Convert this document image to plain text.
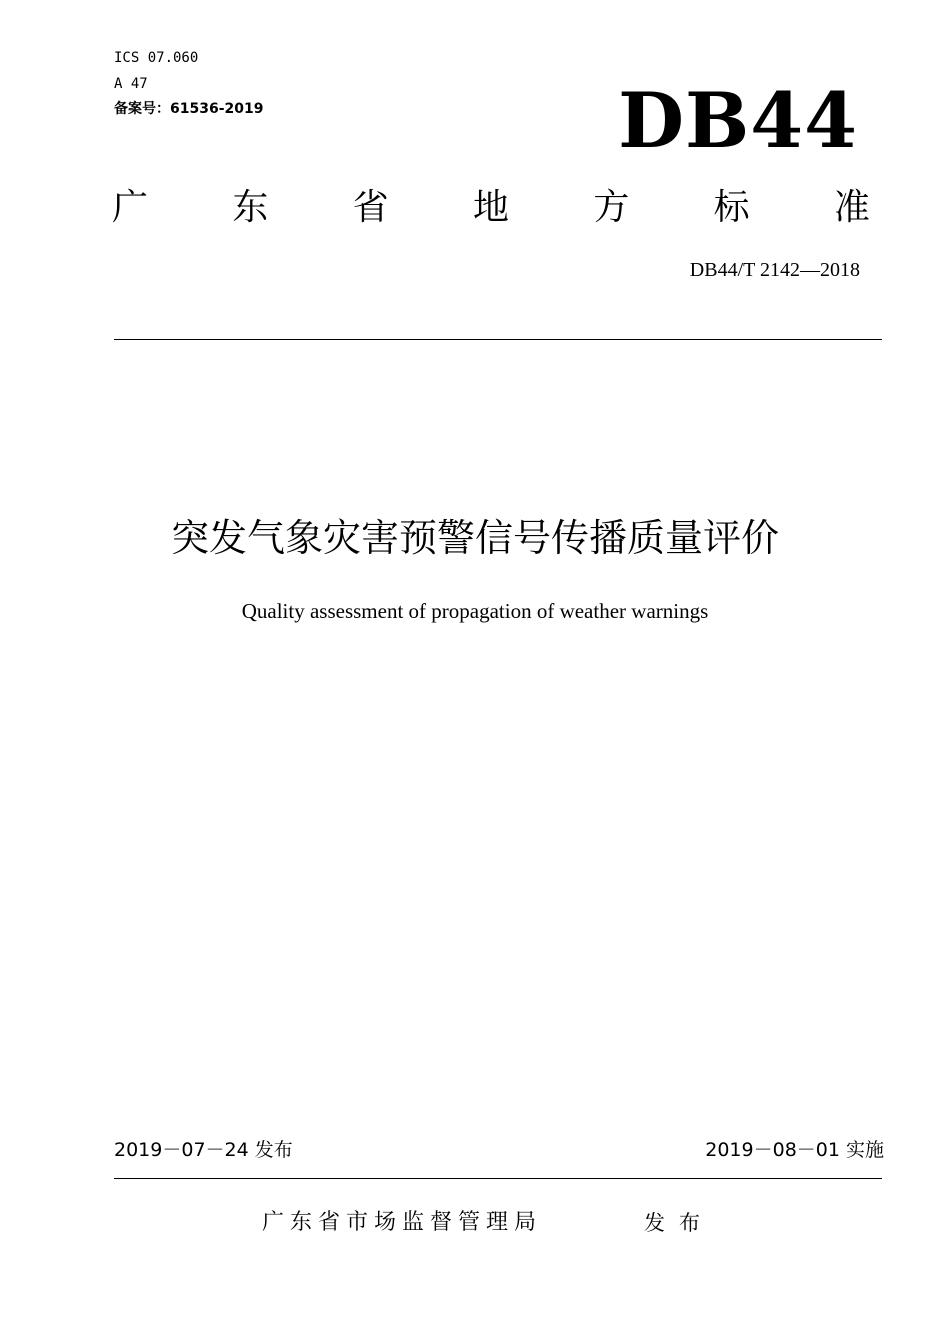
ICS 07.060
A 47
备案号：61536-2019	DB44
广 东 省 地 方 标 准
DB44/T 2142—2018
突发气象灾害预警信号传播质量评价
Quality assessment of propagation of weather warnings
2019－07－24 发布	2019－08－01 实施
广东省市场监督管理局	发布
